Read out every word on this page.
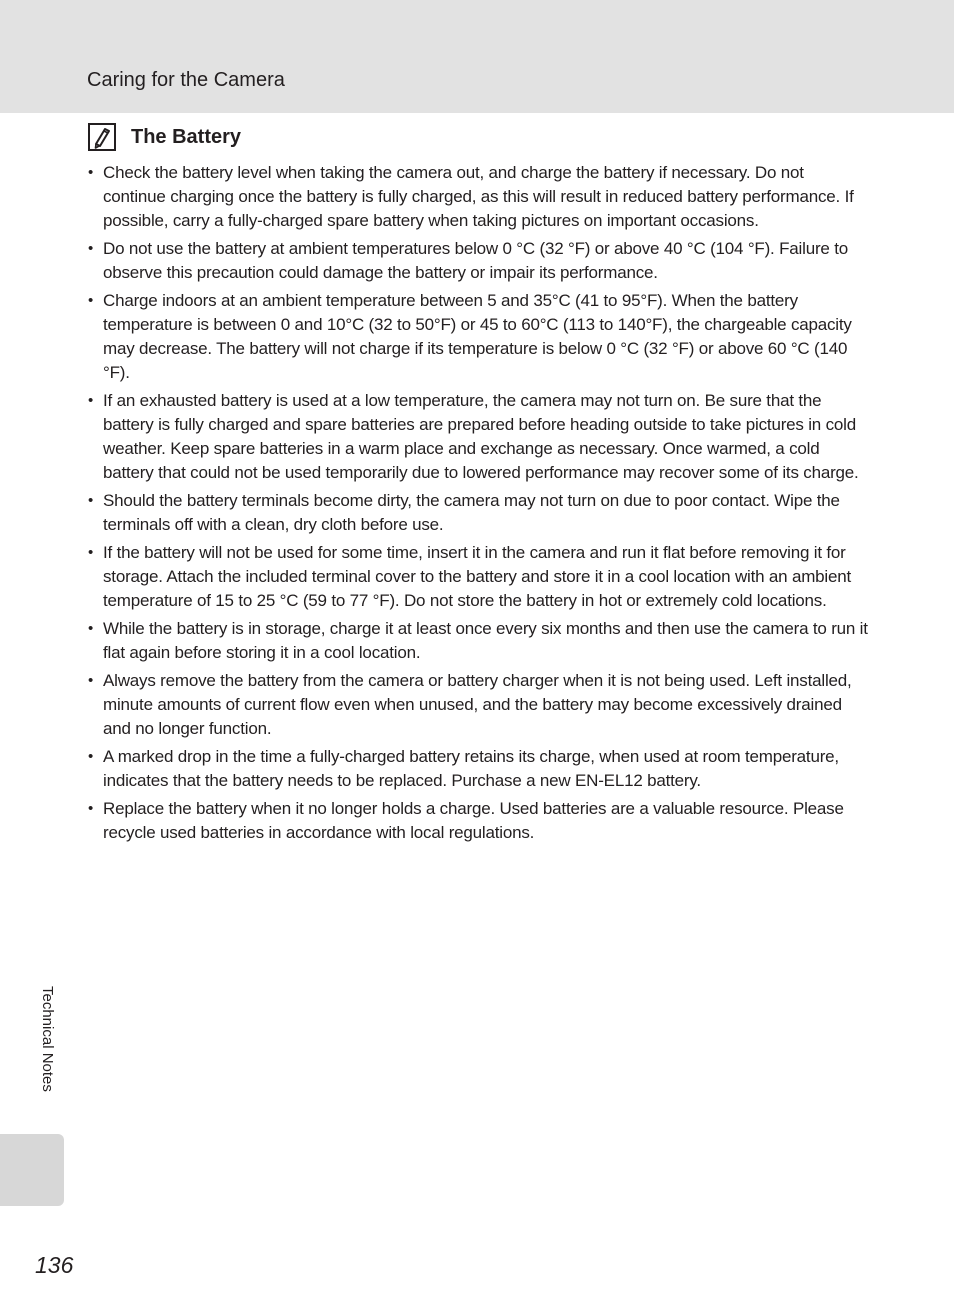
Caring for the Camera
The Battery
• Check the battery level when taking the camera out, and charge the battery if necessary. Do not continue charging once the battery is fully charged, as this will result in reduced battery performance. If possible, carry a fully-charged spare battery when taking pictures on important occasions.
• Do not use the battery at ambient temperatures below 0 °C (32 °F) or above 40 °C (104 °F). Failure to observe this precaution could damage the battery or impair its performance.
• Charge indoors at an ambient temperature between 5 and 35°C (41 to 95°F). When the battery temperature is between 0 and 10°C (32 to 50°F) or 45 to 60°C (113 to 140°F), the chargeable capacity may decrease. The battery will not charge if its temperature is below 0 °C (32 °F) or above 60 °C (140 °F).
• If an exhausted battery is used at a low temperature, the camera may not turn on. Be sure that the battery is fully charged and spare batteries are prepared before heading outside to take pictures in cold weather. Keep spare batteries in a warm place and exchange as necessary. Once warmed, a cold battery that could not be used temporarily due to lowered performance may recover some of its charge.
• Should the battery terminals become dirty, the camera may not turn on due to poor contact. Wipe the terminals off with a clean, dry cloth before use.
• If the battery will not be used for some time, insert it in the camera and run it flat before removing it for storage. Attach the included terminal cover to the battery and store it in a cool location with an ambient temperature of 15 to 25 °C (59 to 77 °F). Do not store the battery in hot or extremely cold locations.
• While the battery is in storage, charge it at least once every six months and then use the camera to run it flat again before storing it in a cool location.
• Always remove the battery from the camera or battery charger when it is not being used. Left installed, minute amounts of current flow even when unused, and the battery may become excessively drained and no longer function.
• A marked drop in the time a fully-charged battery retains its charge, when used at room temperature, indicates that the battery needs to be replaced. Purchase a new EN-EL12 battery.
• Replace the battery when it no longer holds a charge. Used batteries are a valuable resource. Please recycle used batteries in accordance with local regulations.
Technical Notes
136
